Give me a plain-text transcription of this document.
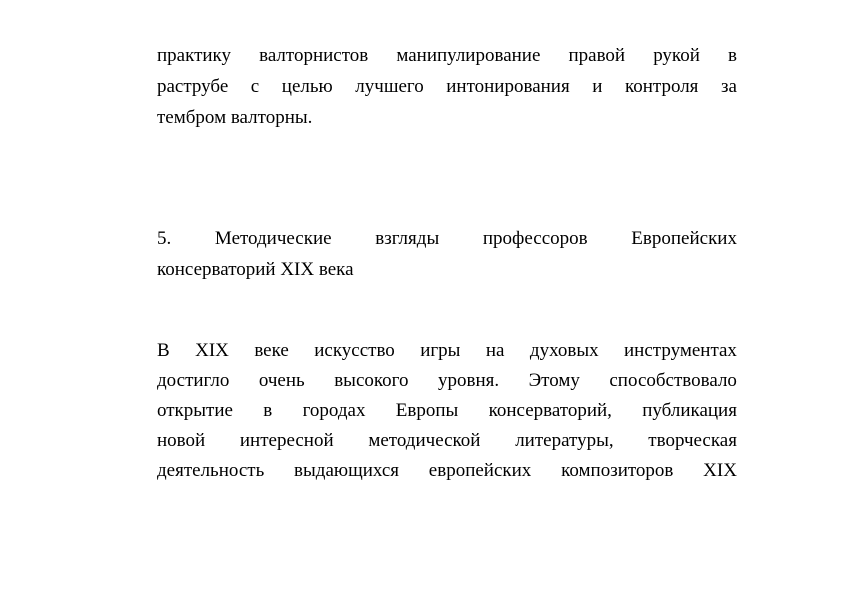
практику валторнистов манипулирование правой рукой в
раструбе с целью лучшего интонирования и контроля за
тембром валторны.
5. Методические взгляды профессоров Европейских
консерваторий XIX века
В XIX веке искусство игры на духовых инструментах
достигло очень высокого уровня. Этому способствовало
открытие в городах Европы консерваторий, публикация
новой интересной методической литературы, творческая
деятельность выдающихся европейских композиторов XIX
